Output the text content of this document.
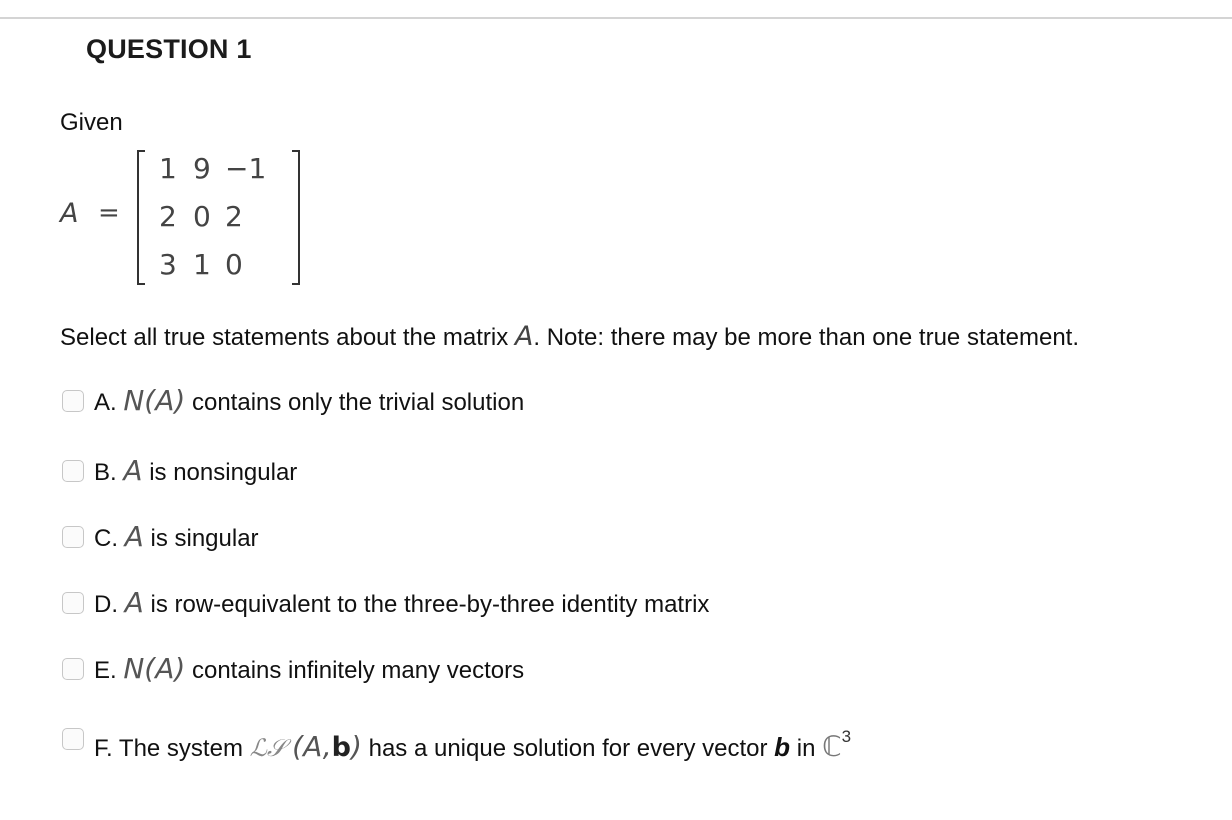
QUESTION 1
Given
A =
1 9 −1
2 0 2
3 1 0
Select all true statements about the matrix A. Note: there may be more than one true statement.
A. N(A) contains only the trivial solution
B. A is nonsingular
C. A is singular
D. A is row-equivalent to the three-by-three identity matrix
E. N(A) contains infinitely many vectors
F. The system ℒ𝒮 (A,b) has a unique solution for every vector b in ℂ$^3$
